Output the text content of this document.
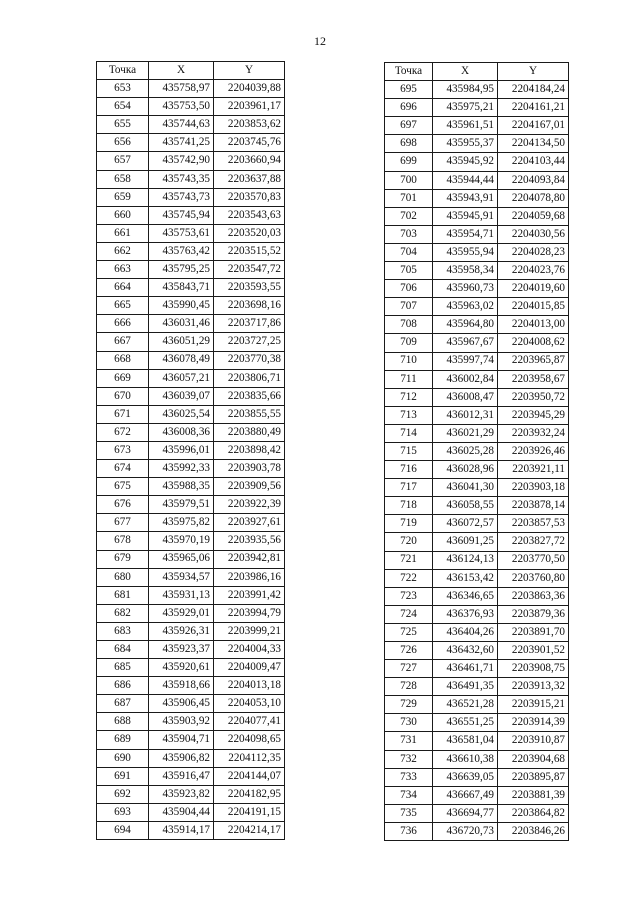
12
Точка	X	Y
653	435758,97	2204039,88
654	435753,50	2203961,17
655	435744,63	2203853,62
656	435741,25	2203745,76
657	435742,90	2203660,94
658	435743,35	2203637,88
659	435743,73	2203570,83
660	435745,94	2203543,63
661	435753,61	2203520,03
662	435763,42	2203515,52
663	435795,25	2203547,72
664	435843,71	2203593,55
665	435990,45	2203698,16
666	436031,46	2203717,86
667	436051,29	2203727,25
668	436078,49	2203770,38
669	436057,21	2203806,71
670	436039,07	2203835,66
671	436025,54	2203855,55
672	436008,36	2203880,49
673	435996,01	2203898,42
674	435992,33	2203903,78
675	435988,35	2203909,56
676	435979,51	2203922,39
677	435975,82	2203927,61
678	435970,19	2203935,56
679	435965,06	2203942,81
680	435934,57	2203986,16
681	435931,13	2203991,42
682	435929,01	2203994,79
683	435926,31	2203999,21
684	435923,37	2204004,33
685	435920,61	2204009,47
686	435918,66	2204013,18
687	435906,45	2204053,10
688	435903,92	2204077,41
689	435904,71	2204098,65
690	435906,82	2204112,35
691	435916,47	2204144,07
692	435923,82	2204182,95
693	435904,44	2204191,15
694	435914,17	2204214,17
Точка	X	Y
695	435984,95	2204184,24
696	435975,21	2204161,21
697	435961,51	2204167,01
698	435955,37	2204134,50
699	435945,92	2204103,44
700	435944,44	2204093,84
701	435943,91	2204078,80
702	435945,91	2204059,68
703	435954,71	2204030,56
704	435955,94	2204028,23
705	435958,34	2204023,76
706	435960,73	2204019,60
707	435963,02	2204015,85
708	435964,80	2204013,00
709	435967,67	2204008,62
710	435997,74	2203965,87
711	436002,84	2203958,67
712	436008,47	2203950,72
713	436012,31	2203945,29
714	436021,29	2203932,24
715	436025,28	2203926,46
716	436028,96	2203921,11
717	436041,30	2203903,18
718	436058,55	2203878,14
719	436072,57	2203857,53
720	436091,25	2203827,72
721	436124,13	2203770,50
722	436153,42	2203760,80
723	436346,65	2203863,36
724	436376,93	2203879,36
725	436404,26	2203891,70
726	436432,60	2203901,52
727	436461,71	2203908,75
728	436491,35	2203913,32
729	436521,28	2203915,21
730	436551,25	2203914,39
731	436581,04	2203910,87
732	436610,38	2203904,68
733	436639,05	2203895,87
734	436667,49	2203881,39
735	436694,77	2203864,82
736	436720,73	2203846,26
